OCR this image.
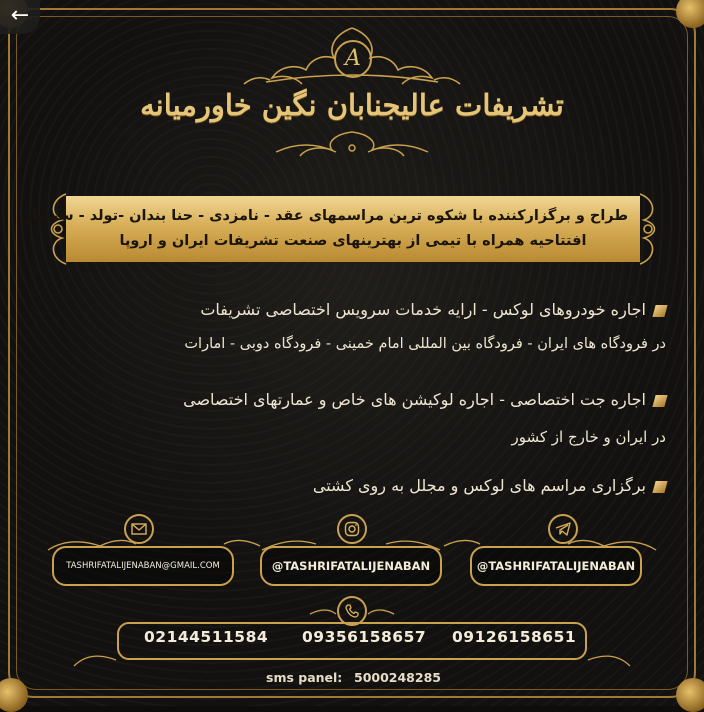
←
A
تشریفات عالیجنابان نگین خاورمیانه
طراح و برگزارکننده با شکوه ترین مراسمهای عقد - نامزدی - حنا بندان -تولد - سمینار
افتتاحیه همراه با تیمی از بهترینهای صنعت تشریفات ایران و اروپا
اجاره خودروهای لوکس - ارایه خدمات سرویس اختصاصی تشریفات
در فرودگاه های ایران - فرودگاه بین المللی امام خمینی - فرودگاه دوبی - امارات
اجاره جت اختصاصی - اجاره لوکیشن های خاص و عمارتهای اختصاصی
در ایران و خارج از کشور
برگزاری مراسم های لوکس و مجلل به روی کشتی
TASHRIFATALIJENABAN@GMAIL.COM	@TASHRIFATALIJENABAN	@TASHRIFATALIJENABAN
02144511584 09356158657 09126158651
sms panel: 5000248285
